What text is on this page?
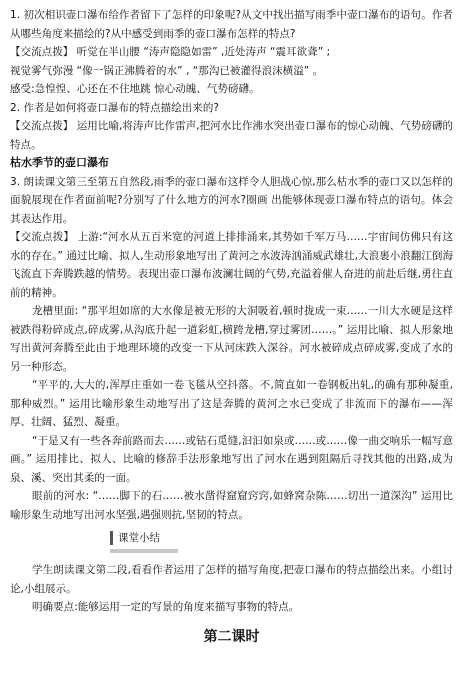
1. 初次相识壶口瀑布给作者留下了怎样的印象呢?从文中找出描写雨季中壶口瀑布的语句。作者从哪些角度来描绘的?从中感受到雨季的壶口瀑布怎样的特点?

【交流点拨】 听觉在半山腰 “涛声隐隐如雷” ,近处涛声 “震耳欲聋” ;

视觉雾气弥漫 “像一锅正沸腾着的水” , “那沟已被灌得浪沫横溢” 。

感受:急惶惶、心还在不住地跳 惊心动魄、气势磅礴。

2. 作者是如何将壶口瀑布的特点描绘出来的?

【交流点拨】 运用比喻,将涛声比作雷声,把河水比作沸水突出壶口瀑布的惊心动魄、气势磅礴的特点。

枯水季节的壶口瀑布

3. 朗读课文第三至第五自然段,雨季的壶口瀑布这样令人胆战心惊,那么枯水季的壶口又以怎样的面貌展现在作者面前呢?分别写了什么地方的河水?圈画 出能够体现壶口瀑布特点的语句。体会其表达作用。

【交流点拨】 上游:“河水从五百米宽的河道上排排涌来,其势如千军万马……宇宙间仿佛只有这水的存在。” 通过比喻、拟人,生动形象地写出了黄河之水波涛汹涌威武雄壮,大浪裹小浪翻江倒海飞流直下奔腾跌越的情势。表现出壶口瀑布波澜壮阔的气势,充溢着催人奋进的前赴后继,勇往直前的精神。

龙槽里面: “那平坦如席的大水像是被无形的大洞吸着,顿时拢成一束……一川大水硬是这样被跌得粉碎成点,碎成雾,从沟底升起一道彩虹,横跨龙槽,穿过雾团……。” 运用比喻、拟人形象地写出黄河奔腾至此由于地理环境的改变一下从河床跌入深谷。河水被碎成点碎成雾,变成了水的另一种形态。

“平平的,大大的,浑厚庄重如一卷飞毯从空抖落。不,简直如一卷钢板出轧,的确有那种凝重,那种威烈。” 运用比喻形象生动地写出了这是奔腾的黄河之水已变成了非流而下的瀑布——浑厚、壮阔、猛烈、凝重。

“于是又有一些各奔前路而去……或钻石觅缝,汩汩如泉或……或……像一曲交响乐一幅写意画。” 运用排比、拟人、比喻的修辞手法形象地写出了河水在遇到阻隔后寻找其他的出路,成为泉、溪、突出其柔的一面。

眼前的河水: “……脚下的石……被水凿得窟窟窍窍,如蜂窝杂陈……切出一道深沟” 运用比喻形象生动地写出河水坚强,遇强则抗,坚韧的特点。

课堂小结

学生朗读课文第二段,看看作者运用了怎样的描写角度,把壶口瀑布的特点描绘出来。小组讨论,小组展示。

明确要点:能够运用一定的写景的角度来描写事物的特点。

第二课时
